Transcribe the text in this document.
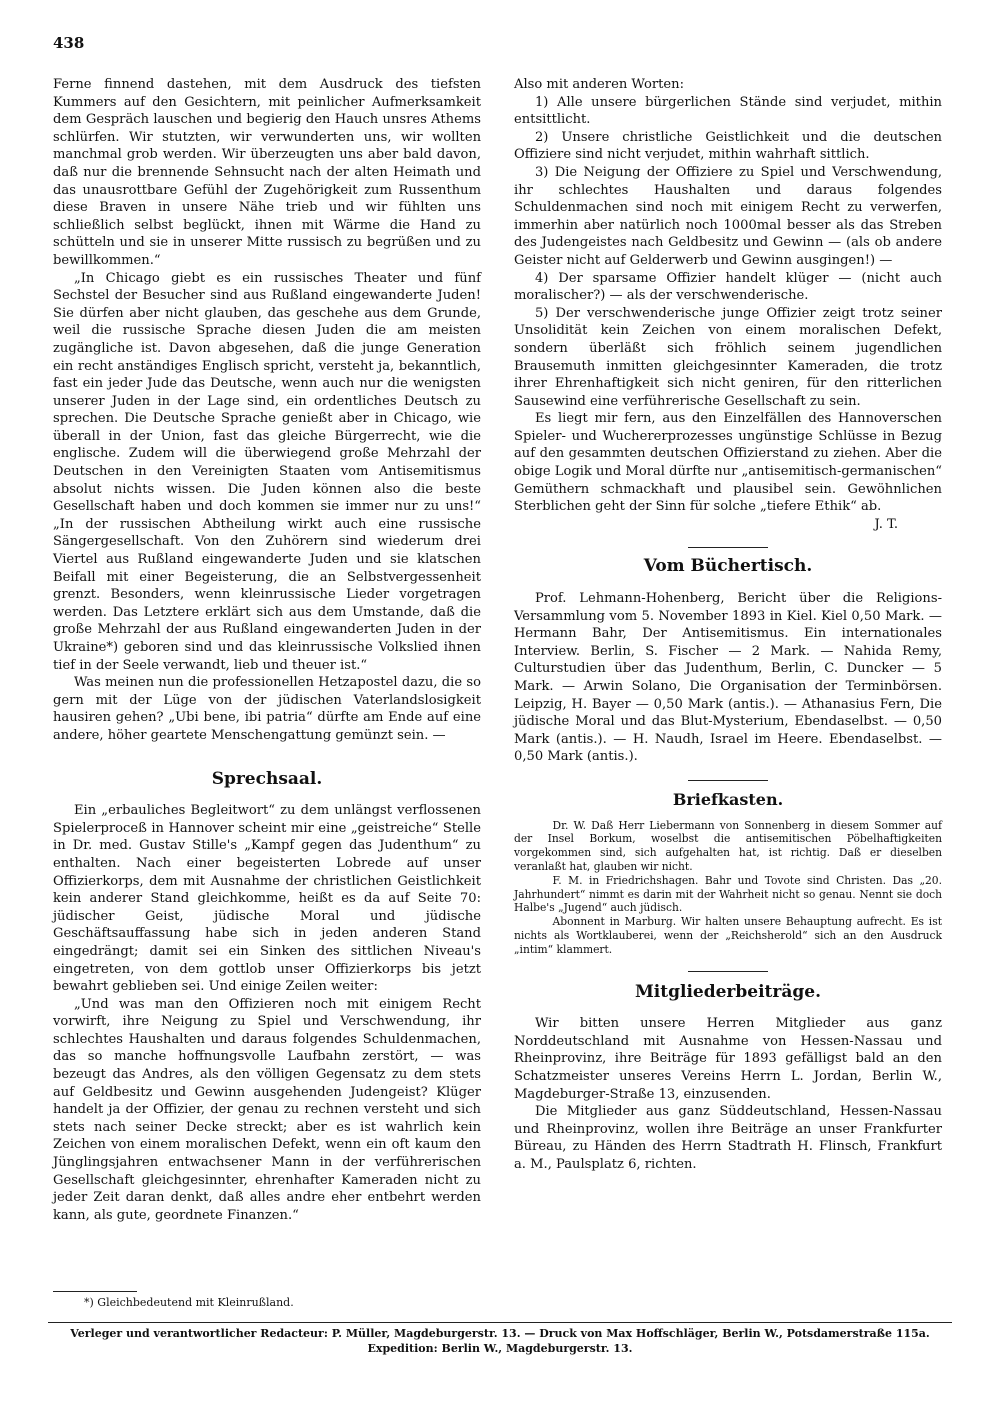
438

Ferne finnend dastehen, mit dem Ausdruck des tiefsten Kummers auf den Gesichtern, mit peinlicher Aufmerksamkeit dem Gespräch lauschen und begierig den Hauch unsres Athems schlürfen. Wir stutzten, wir verwunderten uns, wir wollten manchmal grob werden. Wir überzeugten uns aber bald davon, daß nur die brennende Sehnsucht nach der alten Heimath und das unausrottbare Gefühl der Zugehörigkeit zum Russenthum diese Braven in unsere Nähe trieb und wir fühlten uns schließlich selbst beglückt, ihnen mit Wärme die Hand zu schütteln und sie in unserer Mitte russisch zu begrüßen und zu bewillkommen.“

„In Chicago giebt es ein russisches Theater und fünf Sechstel der Besucher sind aus Rußland eingewanderte Juden! Sie dürfen aber nicht glauben, das geschehe aus dem Grunde, weil die russische Sprache diesen Juden die am meisten zugängliche ist. Davon abgesehen, daß die junge Generation ein recht anständiges Englisch spricht, versteht ja, bekanntlich, fast ein jeder Jude das Deutsche, wenn auch nur die wenigsten unserer Juden in der Lage sind, ein ordentliches Deutsch zu sprechen. Die Deutsche Sprache genießt aber in Chicago, wie überall in der Union, fast das gleiche Bürgerrecht, wie die englische. Zudem will die überwiegend große Mehrzahl der Deutschen in den Vereinigten Staaten vom Antisemitismus absolut nichts wissen. Die Juden können also die beste Gesellschaft haben und doch kommen sie immer nur zu uns!“ „In der russischen Abtheilung wirkt auch eine russische Sängergesellschaft. Von den Zuhörern sind wiederum drei Viertel aus Rußland eingewanderte Juden und sie klatschen Beifall mit einer Begeisterung, die an Selbstvergessenheit grenzt. Besonders, wenn kleinrussische Lieder vorgetragen werden. Das Letztere erklärt sich aus dem Umstande, daß die große Mehrzahl der aus Rußland eingewanderten Juden in der Ukraine*) geboren sind und das kleinrussische Volkslied ihnen tief in der Seele verwandt, lieb und theuer ist.“

Was meinen nun die professionellen Hetzapostel dazu, die so gern mit der Lüge von der jüdischen Vaterlandslosigkeit hausiren gehen? „Ubi bene, ibi patria“ dürfte am Ende auf eine andere, höher geartete Menschengattung gemünzt sein. —

Sprechsaal.

Ein „erbauliches Begleitwort“ zu dem unlängst verflossenen Spielerproceß in Hannover scheint mir eine „geistreiche“ Stelle in Dr. med. Gustav Stille's „Kampf gegen das Judenthum“ zu enthalten. Nach einer begeisterten Lobrede auf unser Offizierkorps, dem mit Ausnahme der christlichen Geistlichkeit kein anderer Stand gleichkomme, heißt es da auf Seite 70: jüdischer Geist, jüdische Moral und jüdische Geschäftsauffassung habe sich in jeden anderen Stand eingedrängt; damit sei ein Sinken des sittlichen Niveau's eingetreten, von dem gottlob unser Offizierkorps bis jetzt bewahrt geblieben sei. Und einige Zeilen weiter:

„Und was man den Offizieren noch mit einigem Recht vorwirft, ihre Neigung zu Spiel und Verschwendung, ihr schlechtes Haushalten und daraus folgendes Schuldenmachen, das so manche hoffnungsvolle Laufbahn zerstört, — was bezeugt das Andres, als den völligen Gegensatz zu dem stets auf Geldbesitz und Gewinn ausgehenden Judengeist? Klüger handelt ja der Offizier, der genau zu rechnen versteht und sich stets nach seiner Decke streckt; aber es ist wahrlich kein Zeichen von einem moralischen Defekt, wenn ein oft kaum den Jünglingsjahren entwachsener Mann in der verführerischen Gesellschaft gleichgesinnter, ehrenhafter Kameraden nicht zu jeder Zeit daran denkt, daß alles andre eher entbehrt werden kann, als gute, geordnete Finanzen.“

*) Gleichbedeutend mit Kleinrußland.

Also mit anderen Worten:

1) Alle unsere bürgerlichen Stände sind verjudet, mithin entsittlicht.

2) Unsere christliche Geistlichkeit und die deutschen Offiziere sind nicht verjudet, mithin wahrhaft sittlich.

3) Die Neigung der Offiziere zu Spiel und Verschwendung, ihr schlechtes Haushalten und daraus folgendes Schuldenmachen sind noch mit einigem Recht zu verwerfen, immerhin aber natürlich noch 1000mal besser als das Streben des Judengeistes nach Geldbesitz und Gewinn — (als ob andere Geister nicht auf Gelderwerb und Gewinn ausgingen!) —

4) Der sparsame Offizier handelt klüger — (nicht auch moralischer?) — als der verschwenderische.

5) Der verschwenderische junge Offizier zeigt trotz seiner Unsolidität kein Zeichen von einem moralischen Defekt, sondern überläßt sich fröhlich seinem jugendlichen Brausemuth inmitten gleichgesinnter Kameraden, die trotz ihrer Ehrenhaftigkeit sich nicht geniren, für den ritterlichen Sausewind eine verführerische Gesellschaft zu sein.

Es liegt mir fern, aus den Einzelfällen des Hannoverschen Spieler- und Wuchererprozesses ungünstige Schlüsse in Bezug auf den gesammten deutschen Offizierstand zu ziehen. Aber die obige Logik und Moral dürfte nur „antisemitisch-germanischen“ Gemüthern schmackhaft und plausibel sein. Gewöhnlichen Sterblichen geht der Sinn für solche „tiefere Ethik“ ab.

J. T.
Vom Büchertisch.

Prof. Lehmann-Hohenberg, Bericht über die Religions-Versammlung vom 5. November 1893 in Kiel. Kiel 0,50 Mark. — Hermann Bahr, Der Antisemitismus. Ein internationales Interview. Berlin, S. Fischer — 2 Mark. — Nahida Remy, Culturstudien über das Judenthum, Berlin, C. Duncker — 5 Mark. — Arwin Solano, Die Organisation der Terminbörsen. Leipzig, H. Bayer — 0,50 Mark (antis.). — Athanasius Fern, Die jüdische Moral und das Blut-Mysterium, Ebendaselbst. — 0,50 Mark (antis.). — H. Naudh, Israel im Heere. Ebendaselbst. — 0,50 Mark (antis.).

Briefkasten.

Dr. W. Daß Herr Liebermann von Sonnenberg in diesem Sommer auf der Insel Borkum, woselbst die antisemitischen Pöbelhaftigkeiten vorgekommen sind, sich aufgehalten hat, ist richtig. Daß er dieselben veranlaßt hat, glauben wir nicht.

F. M. in Friedrichshagen. Bahr und Tovote sind Christen. Das „20. Jahrhundert“ nimmt es darin mit der Wahrheit nicht so genau. Nennt sie doch Halbe's „Jugend“ auch jüdisch.

Abonnent in Marburg. Wir halten unsere Behauptung aufrecht. Es ist nichts als Wortklauberei, wenn der „Reichsherold“ sich an den Ausdruck „intim“ klammert.

Mitgliederbeiträge.

Wir bitten unsere Herren Mitglieder aus ganz Norddeutschland mit Ausnahme von Hessen-Nassau und Rheinprovinz, ihre Beiträge für 1893 gefälligst bald an den Schatzmeister unseres Vereins Herrn L. Jordan, Berlin W., Magdeburger-Straße 13, einzusenden.

Die Mitglieder aus ganz Süddeutschland, Hessen-Nassau und Rheinprovinz, wollen ihre Beiträge an unser Frankfurter Büreau, zu Händen des Herrn Stadtrath H. Flinsch, Frankfurt a. M., Paulsplatz 6, richten.

Verleger und verantwortlicher Redacteur: P. Müller, Magdeburgerstr. 13. — Druck von Max Hoffschläger, Berlin W., Potsdamerstraße 115a.
Expedition: Berlin W., Magdeburgerstr. 13.
